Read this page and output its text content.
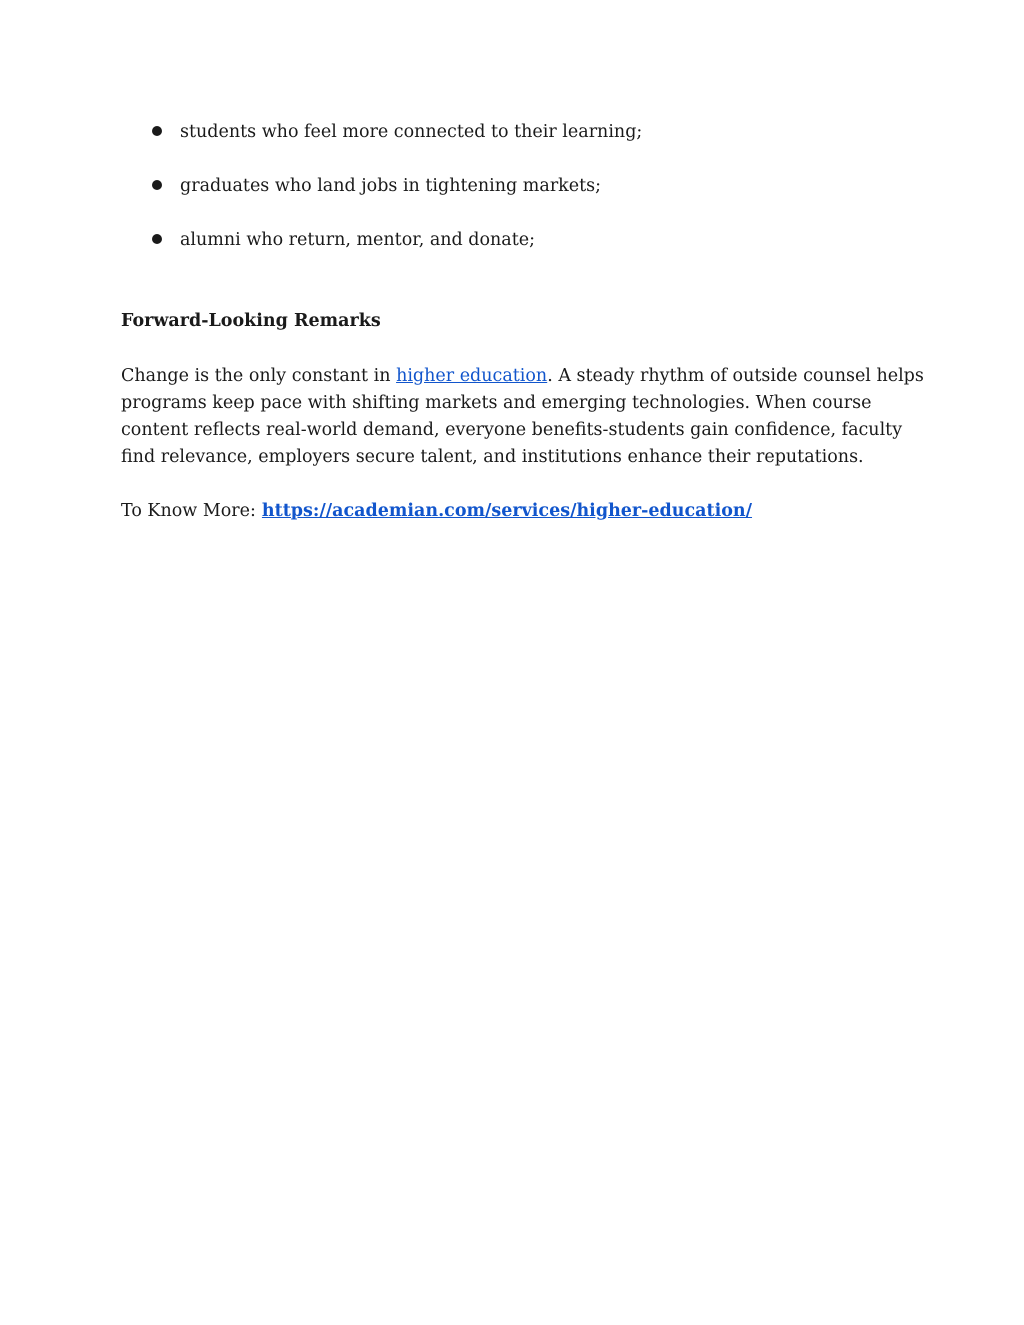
students who feel more connected to their learning;
graduates who land jobs in tightening markets;
alumni who return, mentor, and donate;
Forward-Looking Remarks

Change is the only constant in higher education. A steady rhythm of outside counsel helps
programs keep pace with shifting markets and emerging technologies. When course
content reflects real-world demand, everyone benefits-students gain confidence, faculty
find relevance, employers secure talent, and institutions enhance their reputations.

To Know More: https://academian.com/services/higher-education/
